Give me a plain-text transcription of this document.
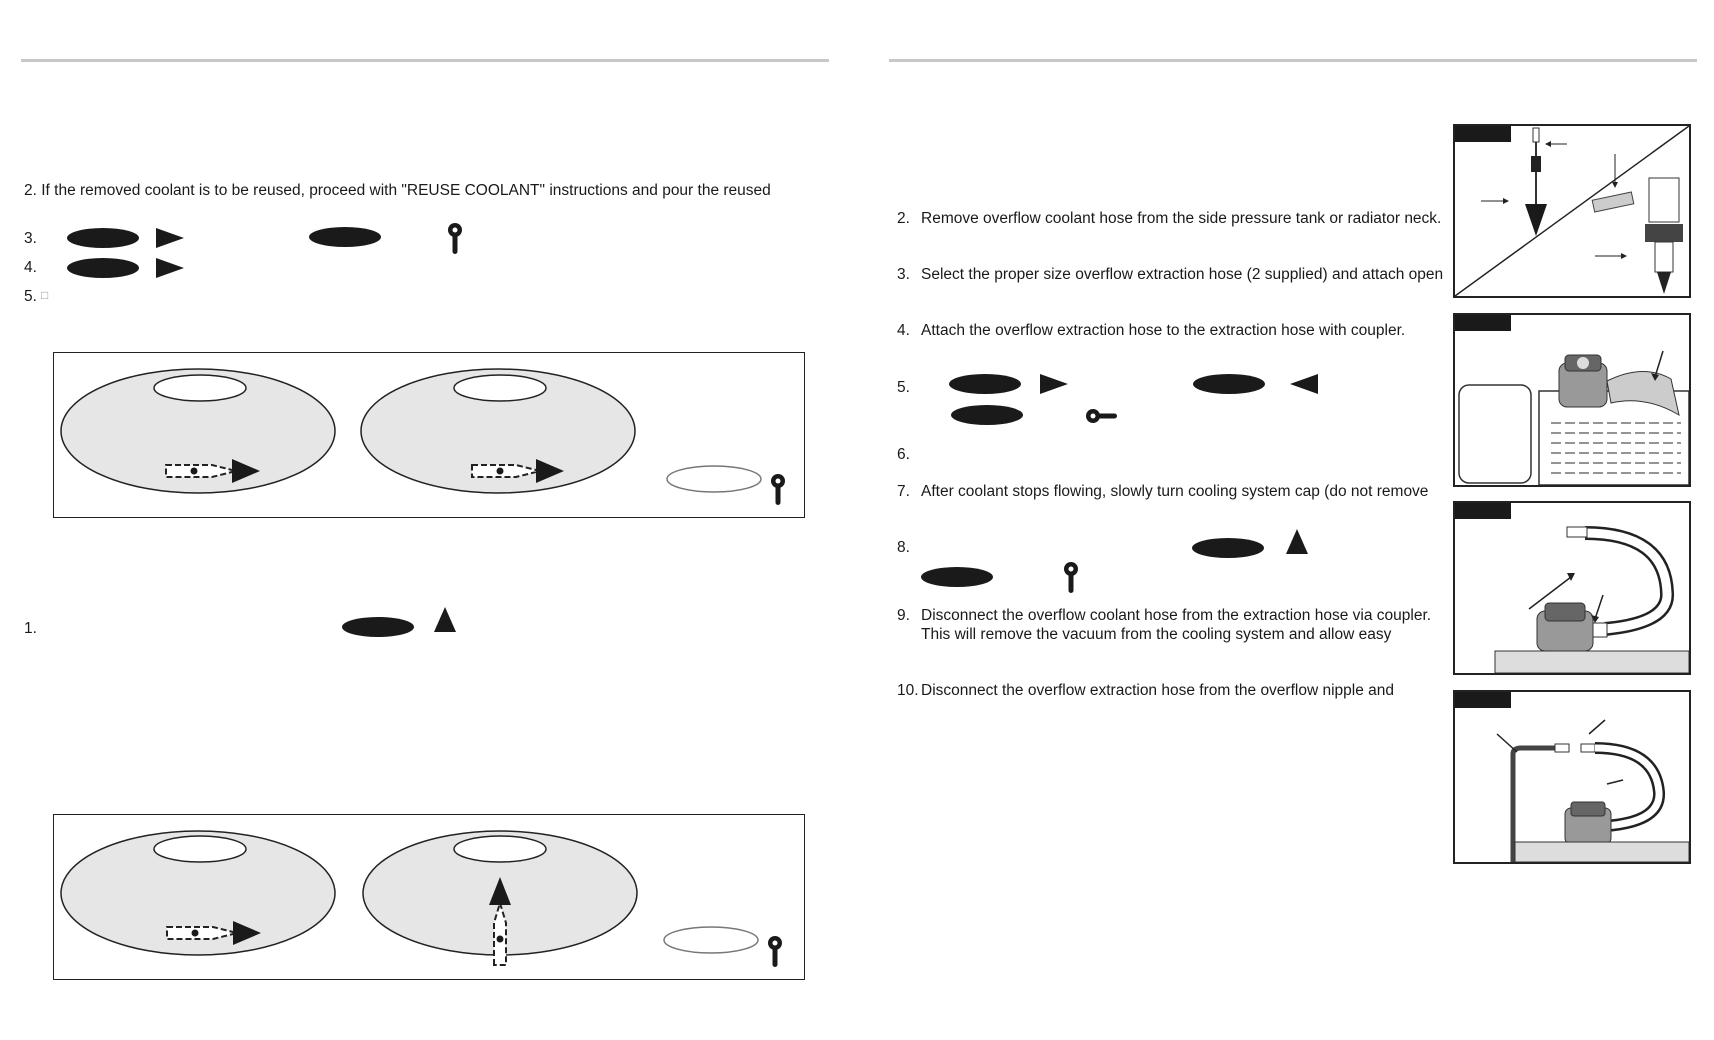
2. If the removed coolant is to be reused, proceed with "REUSE COOLANT" instructions and pour the reused
3.
4.
5. □
1.
2. Remove overflow coolant hose from the side pressure tank or radiator neck.
3. Select the proper size overflow extraction hose (2 supplied) and attach open
4. Attach the overflow extraction hose to the extraction hose with coupler.
5.
6.
7. After coolant stops flowing, slowly turn cooling system cap (do not remove
8.
9. Disconnect the overflow coolant hose from the extraction hose via coupler.
This will remove the vacuum from the cooling system and allow easy
10. Disconnect the overflow extraction hose from the overflow nipple and
